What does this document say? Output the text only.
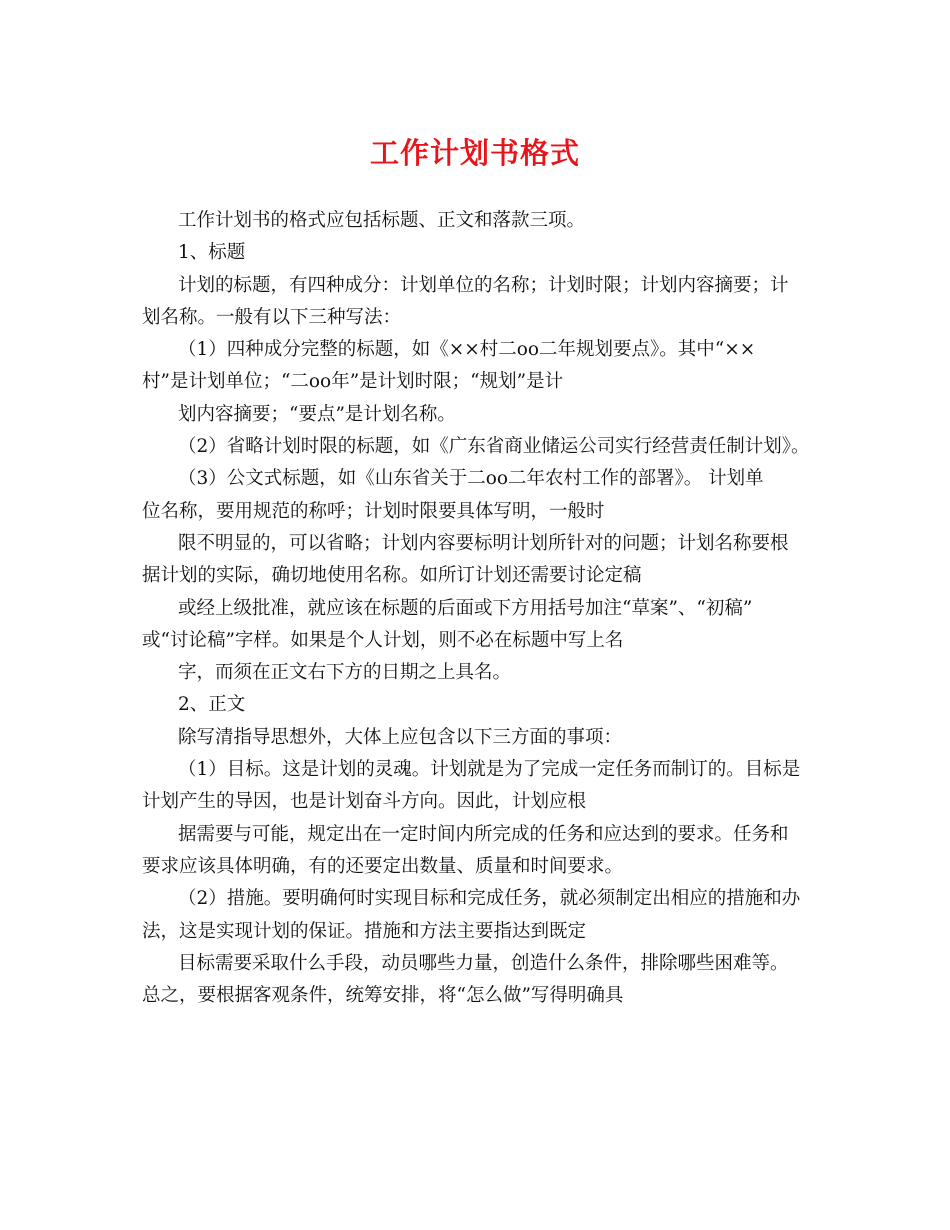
工作计划书格式
工作计划书的格式应包括标题、正文和落款三项。
1、标题
计划的标题，有四种成分：计划单位的名称；计划时限；计划内容摘要；计
划名称。一般有以下三种写法：
（1）四种成分完整的标题，如《××村二oo二年规划要点》。其中“××
村”是计划单位；“二oo年”是计划时限；“规划”是计
划内容摘要；“要点”是计划名称。
（2）省略计划时限的标题，如《广东省商业储运公司实行经营责任制计划》。
（3）公文式标题，如《山东省关于二oo二年农村工作的部署》。 计划单
位名称，要用规范的称呼；计划时限要具体写明，一般时
限不明显的，可以省略；计划内容要标明计划所针对的问题；计划名称要根
据计划的实际，确切地使用名称。如所订计划还需要讨论定稿
或经上级批准，就应该在标题的后面或下方用括号加注“草案”、“初稿”
或“讨论稿”字样。如果是个人计划，则不必在标题中写上名
字，而须在正文右下方的日期之上具名。
2、正文
除写清指导思想外，大体上应包含以下三方面的事项：
（1）目标。这是计划的灵魂。计划就是为了完成一定任务而制订的。目标是
计划产生的导因，也是计划奋斗方向。因此，计划应根
据需要与可能，规定出在一定时间内所完成的任务和应达到的要求。任务和
要求应该具体明确，有的还要定出数量、质量和时间要求。
（2）措施。要明确何时实现目标和完成任务，就必须制定出相应的措施和办
法，这是实现计划的保证。措施和方法主要指达到既定
目标需要采取什么手段，动员哪些力量，创造什么条件，排除哪些困难等。
总之，要根据客观条件，统筹安排，将“怎么做”写得明确具
